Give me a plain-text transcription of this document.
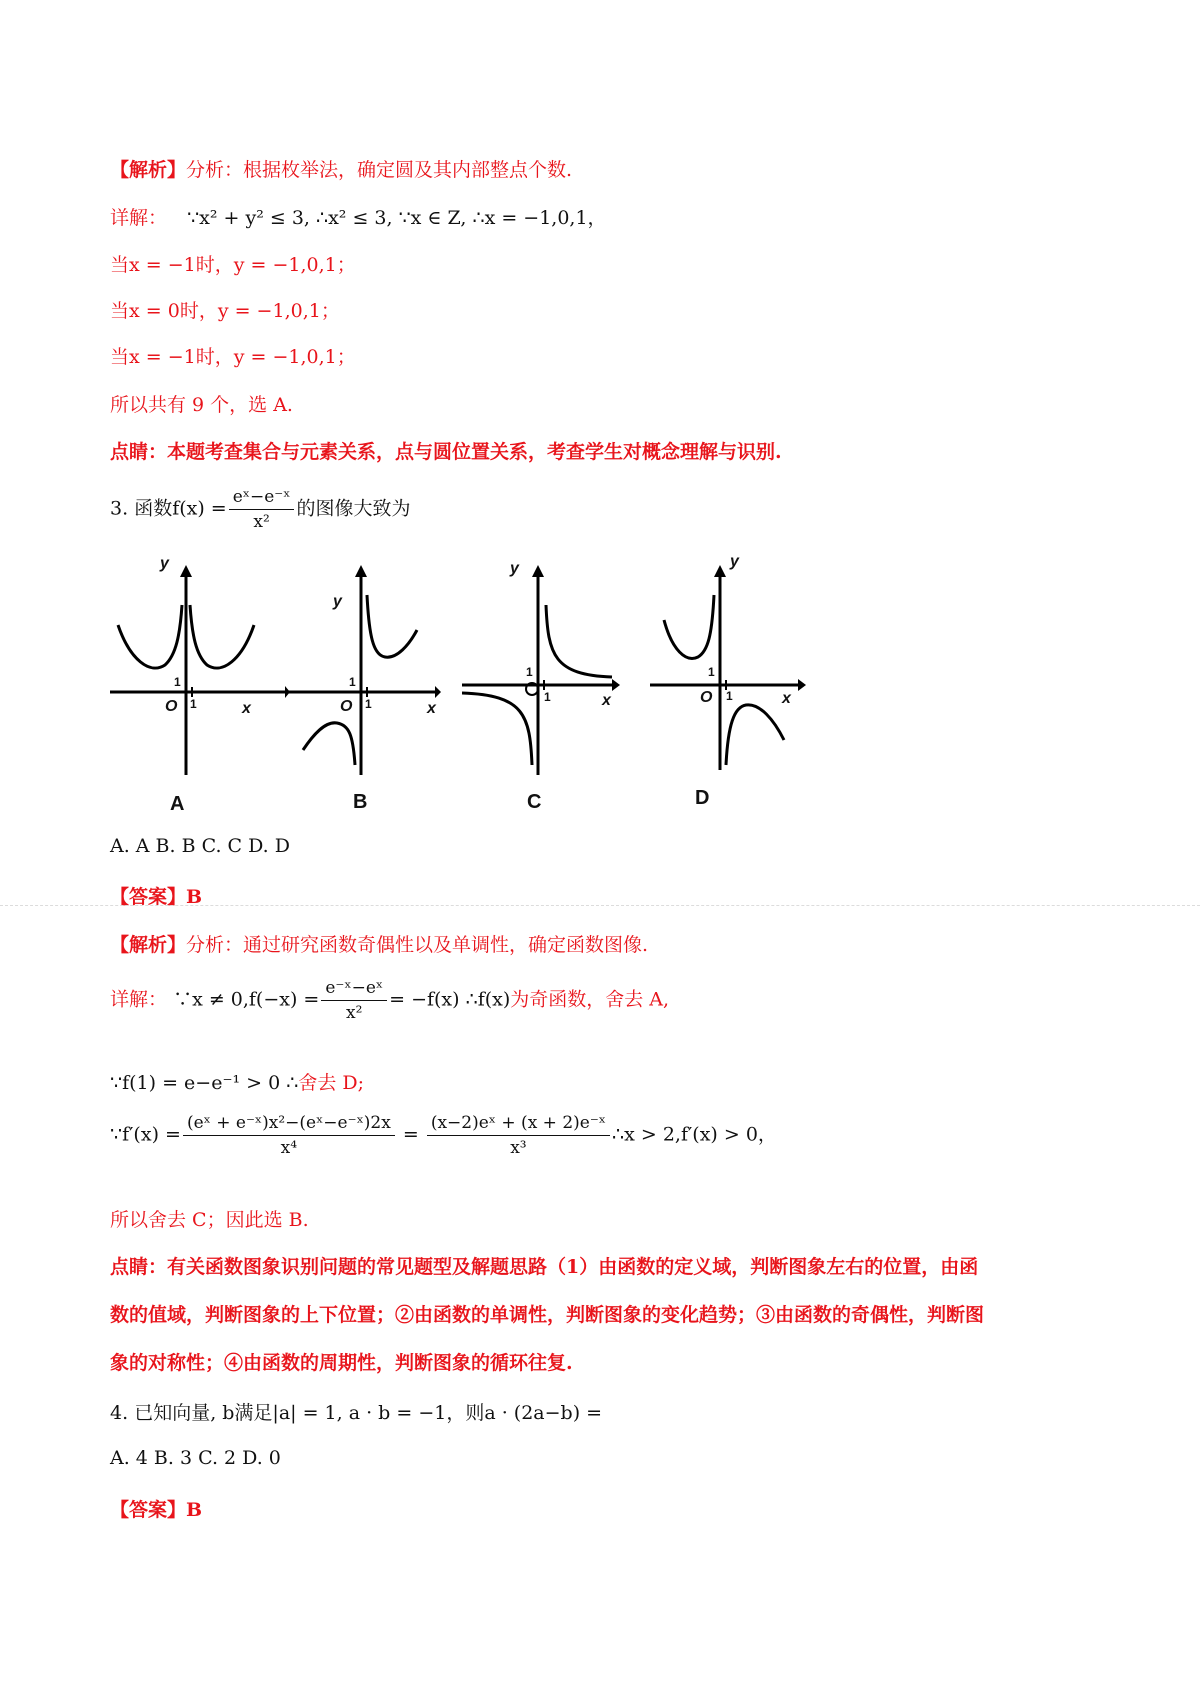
【解析】分析：根据枚举法，确定圆及其内部整点个数.
详解： ∵x² + y² ≤ 3, ∴x² ≤ 3, ∵x ∈ Z, ∴x = −1,0,1，
当x = −1时，y = −1,0,1；
当x = 0时，y = −1,0,1；
当x = −1时，y = −1,0,1；
所以共有 9 个，选 A.
点睛：本题考查集合与元素关系，点与圆位置关系，考查学生对概念理解与识别.
3. 函数$f(x) = \frac{\text{eˣ−e⁻ˣ}}{\text{x²}}$ 的图像大致为
y
x
O
1
1
A
y
x
O
1
1
B
y
x
1
1
C
y
x
O
1
1
D
A. A B. B C. C D. D
【答案】B
【解析】分析：通过研究函数奇偶性以及单调性，确定函数图像.
详解： ∵x ≠ $0,f(-x) = \frac{\text{e⁻ˣ−eˣ}}{\text{x²}} = -f(x)$ ∴f(x)为奇函数，舍去 A,
∵f(1) = e−e⁻¹ > 0 ∴舍去 D;
∵f′(x) = $\frac{\text{(eˣ + e⁻ˣ)x²−(eˣ−e⁻ˣ)2x}}{\text{x⁴}} = \frac{\text{(x−2)eˣ + (x + 2)e⁻ˣ}}{\text{x³}}$ ∴x > 2,f′(x) > 0，
所以舍去 C；因此选 B.
点睛：有关函数图象识别问题的常见题型及解题思路（1）由函数的定义域，判断图象左右的位置，由函
数的值域，判断图象的上下位置；②由函数的单调性，判断图象的变化趋势；③由函数的奇偶性，判断图
象的对称性；④由函数的周期性，判断图象的循环往复.
4. 已知向量, b满足|a| = 1, a · b = −1，则a · (2a−b) =
A. 4 B. 3 C. 2 D. 0
【答案】B
